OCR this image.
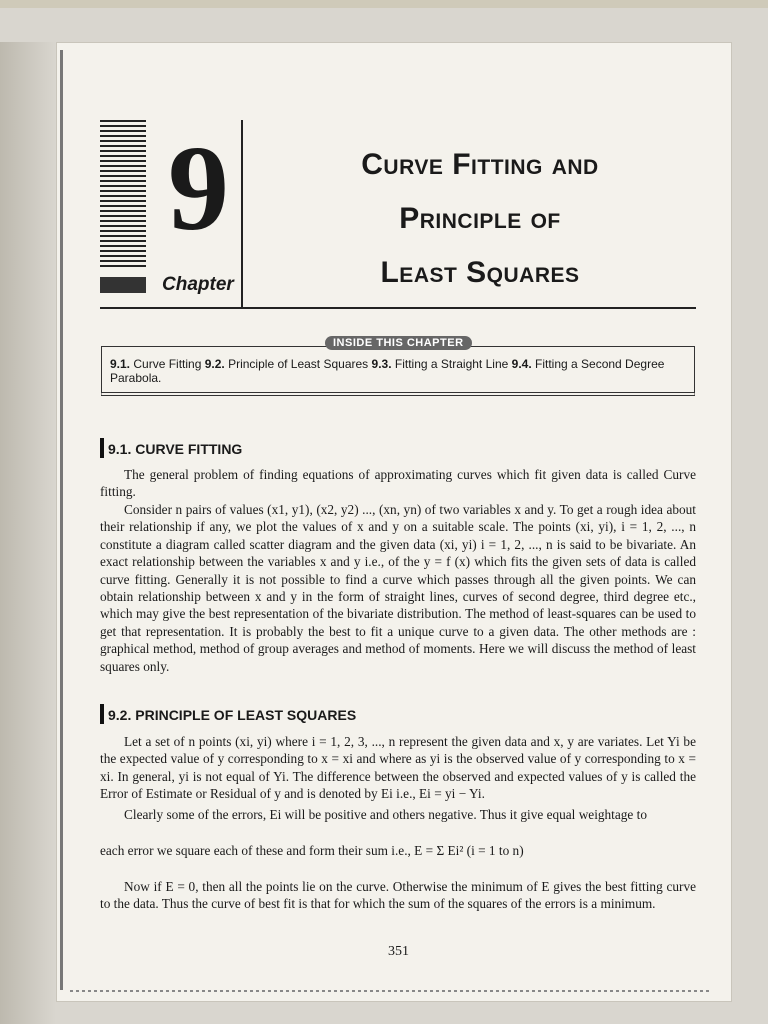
9
Chapter
Curve Fitting and
Principle of
Least Squares
9.1. Curve Fitting 9.2. Principle of Least Squares 9.3. Fitting a Straight Line 9.4. Fitting a Second Degree Parabola.
INSIDE THIS CHAPTER
9.1. CURVE FITTING
The general problem of finding equations of approximating curves which fit given data is called Curve fitting.
Consider n pairs of values (x1, y1), (x2, y2) ..., (xn, yn) of two variables x and y. To get a rough idea about their relationship if any, we plot the values of x and y on a suitable scale. The points (xi, yi), i = 1, 2, ..., n constitute a diagram called scatter diagram and the given data (xi, yi) i = 1, 2, ..., n is said to be bivariate. An exact relationship between the variables x and y i.e., of the y = f (x) which fits the given sets of data is called curve fitting. Generally it is not possible to find a curve which passes through all the given points. We can obtain relationship between x and y in the form of straight lines, curves of second degree, third degree etc., which may give the best representation of the bivariate distribution. The method of least-squares can be used to get that representation. It is probably the best to fit a unique curve to a given data. The other methods are : graphical method, method of group averages and method of moments. Here we will discuss the method of least squares only.
9.2. PRINCIPLE OF LEAST SQUARES
Let a set of n points (xi, yi) where i = 1, 2, 3, ..., n represent the given data and x, y are variates. Let Yi be the expected value of y corresponding to x = xi and where as yi is the observed value of y corresponding to x = xi. In general, yi is not equal of Yi. The difference between the observed and expected values of y is called the Error of Estimate or Residual of y and is denoted by Ei i.e., Ei = yi − Yi.
Clearly some of the errors, Ei will be positive and others negative. Thus it give equal weightage to
each error we square each of these and form their sum i.e., E = Σ Ei² (i = 1 to n)
Now if E = 0, then all the points lie on the curve. Otherwise the minimum of E gives the best fitting curve to the data. Thus the curve of best fit is that for which the sum of the squares of the errors is a minimum.
351
